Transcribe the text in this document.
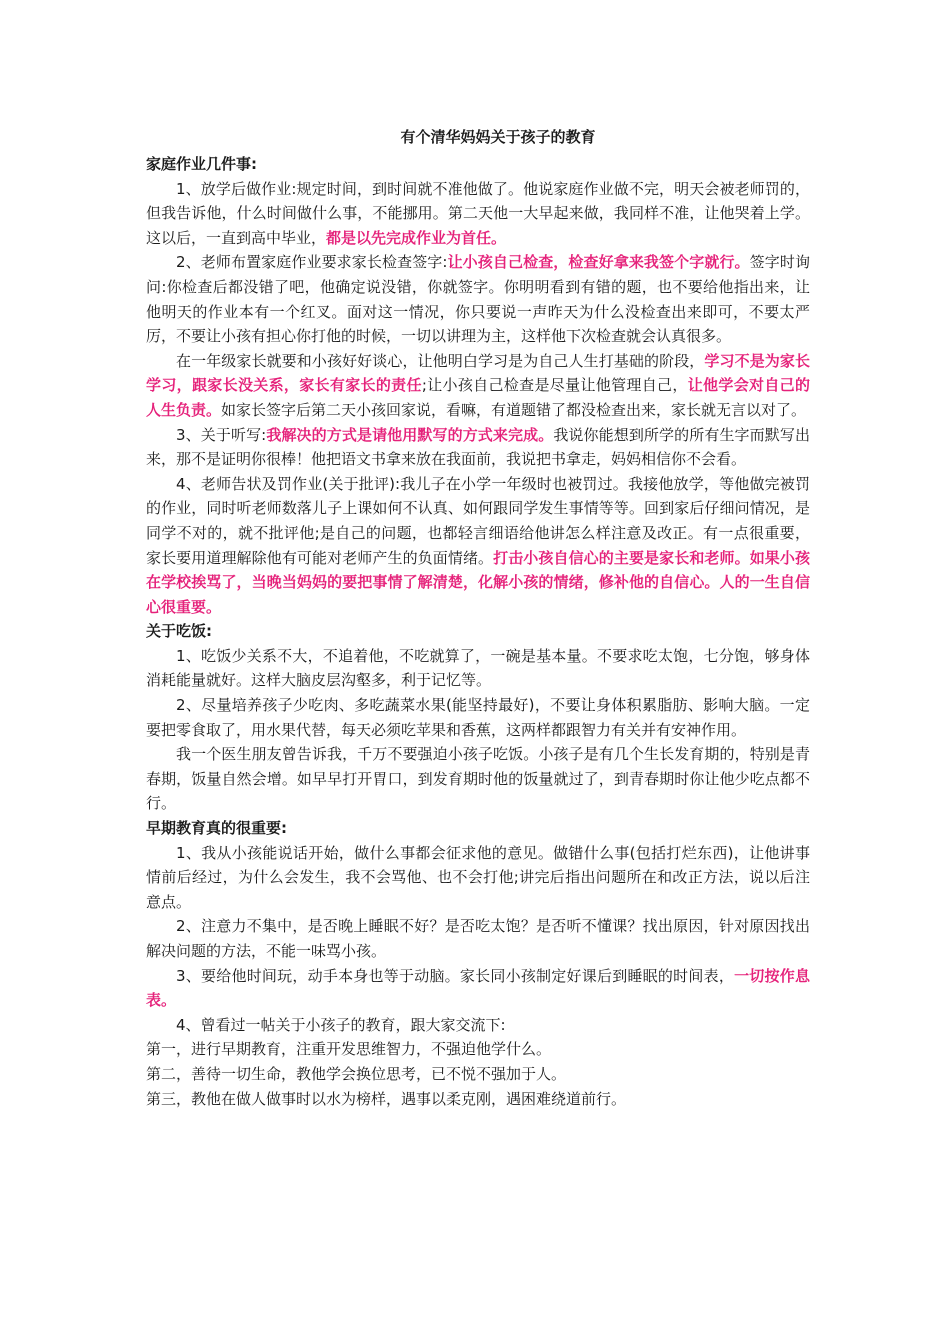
有个清华妈妈关于孩子的教育
家庭作业几件事:

1、放学后做作业:规定时间，到时间就不准他做了。他说家庭作业做不完，明天会被老师罚的，但我告诉他，什么时间做什么事，不能挪用。第二天他一大早起来做，我同样不准，让他哭着上学。这以后，一直到高中毕业，都是以先完成作业为首任。

2、老师布置家庭作业要求家长检查签字:让小孩自己检查，检查好拿来我签个字就行。签字时询问:你检查后都没错了吧，他确定说没错，你就签字。你明明看到有错的题，也不要给他指出来，让他明天的作业本有一个红叉。面对这一情况，你只要说一声昨天为什么没检查出来即可，不要太严厉，不要让小孩有担心你打他的时候，一切以讲理为主，这样他下次检查就会认真很多。

在一年级家长就要和小孩好好谈心，让他明白学习是为自己人生打基础的阶段，学习不是为家长学习，跟家长没关系，家长有家长的责任;让小孩自己检查是尽量让他管理自己，让他学会对自己的人生负责。如家长签字后第二天小孩回家说，看嘛，有道题错了都没检查出来，家长就无言以对了。

3、关于听写:我解决的方式是请他用默写的方式来完成。我说你能想到所学的所有生字而默写出来，那不是证明你很棒！他把语文书拿来放在我面前，我说把书拿走，妈妈相信你不会看。

4、老师告状及罚作业(关于批评):我儿子在小学一年级时也被罚过。我接他放学，等他做完被罚的作业，同时听老师数落儿子上课如何不认真、如何跟同学发生事情等等。回到家后仔细问情况，是同学不对的，就不批评他;是自己的问题，也都轻言细语给他讲怎么样注意及改正。有一点很重要，家长要用道理解除他有可能对老师产生的负面情绪。打击小孩自信心的主要是家长和老师。如果小孩在学校挨骂了，当晚当妈妈的要把事情了解清楚，化解小孩的情绪，修补他的自信心。人的一生自信心很重要。

关于吃饭:

1、吃饭少关系不大，不追着他，不吃就算了，一碗是基本量。不要求吃太饱，七分饱，够身体消耗能量就好。这样大脑皮层沟壑多，利于记忆等。

2、尽量培养孩子少吃肉、多吃蔬菜水果(能坚持最好)，不要让身体积累脂肪、影响大脑。一定要把零食取了，用水果代替，每天必须吃苹果和香蕉，这两样都跟智力有关并有安神作用。

我一个医生朋友曾告诉我，千万不要强迫小孩子吃饭。小孩子是有几个生长发育期的，特别是青春期，饭量自然会增。如早早打开胃口，到发育期时他的饭量就过了，到青春期时你让他少吃点都不行。

早期教育真的很重要:

1、我从小孩能说话开始，做什么事都会征求他的意见。做错什么事(包括打烂东西)，让他讲事情前后经过，为什么会发生，我不会骂他、也不会打他;讲完后指出问题所在和改正方法，说以后注意点。

2、注意力不集中，是否晚上睡眠不好？是否吃太饱？是否听不懂课？找出原因，针对原因找出解决问题的方法，不能一味骂小孩。

3、要给他时间玩，动手本身也等于动脑。家长同小孩制定好课后到睡眠的时间表，一切按作息表。

4、曾看过一帖关于小孩子的教育，跟大家交流下:

第一，进行早期教育，注重开发思维智力，不强迫他学什么。

第二，善待一切生命，教他学会换位思考，已不悦不强加于人。

第三，教他在做人做事时以水为榜样，遇事以柔克刚，遇困难绕道前行。
